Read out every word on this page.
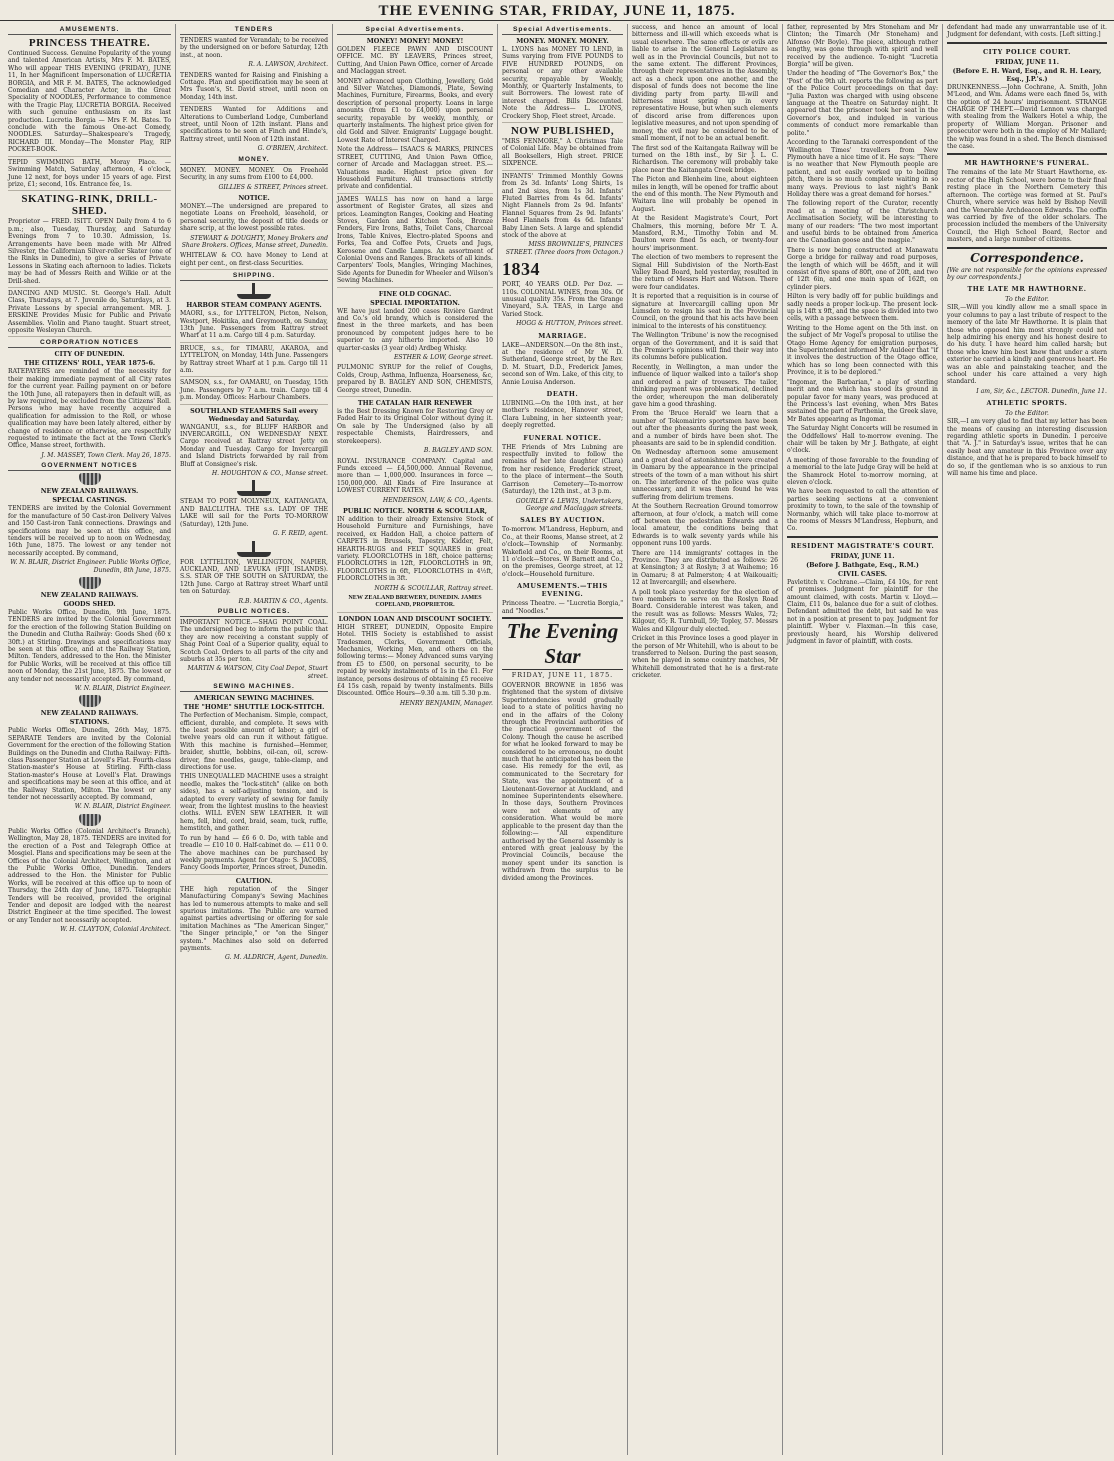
THE EVENING STAR, FRIDAY, JUNE 11, 1875.
AMUSEMENTS.
PRINCESS THEATRE.

Continued Success. Genuine Popularity of the young and talented American Artists, Mrs F. M. BATES, Who will appear THIS EVENING (FRIDAY), JUNE 11, In her Magnificent Impersonation of LUCRETIA BORGIA, and MR F. M. BATES, The acknowledged Comedian and Character Actor, in the Great Speciality of NOODLES, Performance to commence with the Tragic Play, LUCRETIA BORGIA. Received with such genuine enthusiasm on its last production. Lucretia Borgia — Mrs F. M. Bates. To conclude with the famous One-act Comedy, NOODLES. Saturday—Shakespeare's Tragedy, RICHARD III. Monday—The Monster Play, RIP POCKET-BOOK.

TEPID SWIMMING BATH, Moray Place. — Swimming Match, Saturday afternoon, 4 o'clock, June 12 next, for boys under 15 years of age. First prize, £1; second, 10s. Entrance fee, 1s.

SKATING-RINK, DRILL-SHED.

Proprietor — FRED. ISITT. OPEN Daily from 4 to 6 p.m.; also, Tuesday, Thursday, and Saturday Evenings from 7 to 10.30. Admission, 1s. Arrangements have been made with Mr Alfred Silvester, the Californian Silver-roller Skater (one of the Rinks in Dunedin), to give a series of Private Lessons in Skating each afternoon to ladies. Tickets may be had of Messrs Reith and Wilkie or at the Drill-shed.

DANCING AND MUSIC. St. George's Hall. Adult Class, Thursdays, at 7. Juvenile do, Saturdays, at 3. Private Lessons by special arrangement. MR. J. ERSKINE Provides Music for Public and Private Assemblies. Violin and Piano taught. Stuart street, opposite Wesleyan Church.

CORPORATION NOTICES
CITY OF DUNEDIN.
THE CITIZENS' ROLL, YEAR 1875-6.

RATEPAYERS are reminded of the necessity for their making immediate payment of all City rates for the current year. Failing payment on or before the 10th June, all ratepayers then in default will, as by law required, be excluded from the Citizens' Roll. Persons who may have recently acquired a qualification for admission to the Roll, or whose qualification may have been lately altered, either by change of residence or otherwise, are respectfully requested to intimate the fact at the Town Clerk's Office, Manse street, forthwith.

J. M. MASSEY, Town Clerk. May 26, 1875.

GOVERNMENT NOTICES
NEW ZEALAND RAILWAYS.
SPECIAL CASTINGS.

TENDERS are invited by the Colonial Government for the manufacture of 50 Cast-iron Delivery Valves and 150 Cast-iron Tank connections. Drawings and specifications may be seen at this office, and tenders will be received up to noon on Wednesday, 16th June, 1875. The lowest or any tender not necessarily accepted. By command,

W. N. BLAIR, District Engineer. Public Works Office, Dunedin, 8th June, 1875.

NEW ZEALAND RAILWAYS.
GOODS SHED.

Public Works Office, Dunedin, 9th June, 1875. TENDERS are invited by the Colonial Government for the erection of the following Station Building on the Dunedin and Clutha Railway: Goods Shed (60 x 30ft.) at Stirling. Drawings and specifications may be seen at this office, and at the Railway Station, Milton. Tenders, addressed to the Hon. the Minister for Public Works, will be received at this office till noon of Monday, the 21st June, 1875. The lowest or any tender not necessarily accepted. By command,

W. N. BLAIR, District Engineer.

NEW ZEALAND RAILWAYS.
STATIONS.

Public Works Office, Dunedin, 26th May, 1875. SEPARATE Tenders are invited by the Colonial Government for the erection of the following Station Buildings on the Dunedin and Clutha Railway: Fifth-class Passenger Station at Lovell's Flat. Fourth-class Station-master's House at Stirling. Fifth-class Station-master's House at Lovell's Flat. Drawings and specifications may be seen at this office, and at the Railway Station, Milton. The lowest or any tender not necessarily accepted. By command,

W. N. BLAIR, District Engineer.

Public Works Office (Colonial Architect's Branch), Wellington, May 28, 1875. TENDERS are invited for the erection of a Post and Telegraph Office at Mosgiel. Plans and specifications may be seen at the Offices of the Colonial Architect, Wellington, and at the Public Works Office, Dunedin. Tenders addressed to the Hon. the Minister for Public Works, will be received at this office up to noon of Thursday, the 24th day of June, 1875. Telegraphic Tenders will be received, provided the original Tender and deposit are lodged with the nearest District Engineer at the time specified. The lowest or any Tender not necessarily accepted.

W. H. CLAYTON, Colonial Architect.

TENDERS

TENDERS wanted for Verandah; to be received by the undersigned on or before Saturday, 12th inst., at noon.

R. A. LAWSON, Architect.

TENDERS wanted for Raising and Finishing a Cottage. Plan and specification may be seen at Mrs Tuson's, St. David street, until noon on Monday, 14th inst.

TENDERS Wanted for Additions and Alterations to Cumberland Lodge, Cumberland street, until Noon of 12th instant. Plans and specifications to be seen at Finch and Hinde's, Rattray street, until Noon of 12th instant.

G. O'BRIEN, Architect.

MONEY.

MONEY. MONEY. MONEY. On Freehold Security, in any sums from £100 to £4,000.

GILLIES & STREET, Princes street.

NOTICE.

MONEY.—The undersigned are prepared to negotiate Loans on Freehold, leasehold, or personal security, the deposit of title deeds or share scrip, at the lowest possible rates.

STEWART & DOUGHTY, Money Brokers and Share Brokers. Offices, Manse street, Dunedin.

WHITELAW & CO. have Money to Lend at eight per cent., on first-class Securities.

SHIPPING.
HARBOR STEAM COMPANY AGENTS.

MAORI, s.s., for LYTTELTON, Picton, Nelson, Westport, Hokitika, and Greymouth, on Sunday, 13th June. Passengers from Rattray street Wharf at 11 a.m. Cargo till 4 p.m. Saturday.

BRUCE, s.s., for TIMARU, AKAROA, and LYTTELTON, on Monday, 14th June. Passengers by Rattray street Wharf at 1 p.m. Cargo till 11 a.m.

SAMSON, s.s., for OAMARU, on Tuesday, 15th June. Passengers by 7 a.m. train. Cargo till 4 p.m. Monday. Offices: Harbour Chambers.

SOUTHLAND STEAMERS Sail every Wednesday and Saturday.

WANGANUI, s.s., for BLUFF HARBOR and INVERCARGILL, ON WEDNESDAY NEXT. Cargo received at Rattray street Jetty on Monday and Tuesday. Cargo for Invercargill and Island Districts forwarded by rail from Bluff at Consignee's risk.

H. HOUGHTON & CO., Manse street.

STEAM TO PORT MOLYNEUX, KAITANGATA, AND BALCLUTHA. THE s.s. LADY OF THE LAKE will sail for the Ports TO-MORROW (Saturday), 12th June.

G. F. REID, agent.

FOR LYTTELTON, WELLINGTON, NAPIER, AUCKLAND, AND LEVUKA (FIJI ISLANDS). S.S. STAR OF THE SOUTH on SATURDAY, the 12th June. Cargo at Rattray street Wharf until ten on Saturday.

R.B. MARTIN & CO., Agents.

PUBLIC NOTICES.

IMPORTANT NOTICE.—SHAG POINT COAL. The undersigned beg to inform the public that they are now receiving a constant supply of Shag Point Coal of a Superior quality, equal to Scotch Coal. Orders to all parts of the city and suburbs at 35s per ton.

MARTIN & WATSON, City Coal Depot, Stuart street.

SEWING MACHINES.
AMERICAN SEWING MACHINES.
THE "HOME" SHUTTLE LOCK-STITCH.

The Perfection of Mechanism. Simple, compact, efficient, durable, and complete. It sews with the least possible amount of labor; a girl of twelve years old can run it without fatigue. With this machine is furnished—Hemmer, braider, shuttle, bobbins, oil-can, oil, screw-driver, fine needles, gauge, table-clamp, and directions for use.

THIS UNEQUALLED MACHINE uses a straight needle, makes the "lock-stitch" (alike on both sides), has a self-adjusting tension, and is adapted to every variety of sewing for family wear, from the lightest muslins to the heaviest cloths. WILL EVEN SEW LEATHER. It will hem, fell, bind, cord, braid, seam, tuck, ruffle, hemstitch, and gather.

To run by hand — £6 6 0. Do, with table and treadle — £10 10 0. Half-cabinet do. — £11 0 0. The above machines can be purchased by weekly payments. Agent for Otago: S. JACOBS, Fancy Goods Importer, Princes street, Dunedin.

CAUTION.

THE high reputation of the Singer Manufacturing Company's Sewing Machines has led to numerous attempts to make and sell spurious imitations. The Public are warned against parties advertising or offering for sale imitation Machines as "The American Singer," "the Singer principle," or "on the Singer system." Machines also sold on deferred payments.

G. M. ALDRICH, Agent, Dunedin.

Special Advertisements.
MONEY! MONEY! MONEY!

GOLDEN FLEECE PAWN AND DISCOUNT OFFICE. MC. BY LEAVERS, Princes street, Cutting, And Union Pawn Office, corner of Arcade and Maclaggan street.

MONEY advanced upon Clothing, Jewellery, Gold and Silver Watches, Diamonds, Plate, Sewing Machines, Furniture, Firearms, Books, and every description of personal property. Loans in large amounts (from £1 to £4,000) upon personal security, repayable by weekly, monthly, or quarterly instalments. The highest price given for old Gold and Silver. Emigrants' Luggage bought. Lowest Rate of Interest Charged.

Note the Address— ISAACS & MARKS, PRINCES STREET, CUTTING, And Union Pawn Office, corner of Arcade and Maclaggan street. P.S.—Valuations made. Highest price given for Household Furniture. All transactions strictly private and confidential.

JAMES WALLS has now on hand a large assortment of Register Grates, all sizes and prices. Leamington Ranges, Cooking and Heating Stoves, Garden and Kitchen Tools, Bronze Fenders, Fire Irons, Baths, Toilet Cans, Charcoal Irons, Table Knives, Electro-plated Spoons and Forks, Tea and Coffee Pots, Cruets and Jugs, Kerosene and Candle Lamps. An assortment of Colonial Ovens and Ranges. Brackets of all kinds. Carpenters' Tools, Mangles, Wringing Machines, Side Agents for Dunedin for Wheeler and Wilson's Sewing Machines.

FINE OLD COGNAC.
SPECIAL IMPORTATION.

WE have just landed 200 cases Rivière Gardrat and Co.'s old brandy, which is considered the finest in the three markets, and has been pronounced by competent judges here to be superior to any hitherto imported. Also 10 quarter-casks (3 year old) Ardbeg Whisky.

ESTHER & LOW, George street.

PULMONIC SYRUP for the relief of Coughs, Colds, Croup, Asthma, Influenza, Hoarseness, &c, prepared by B. BAGLEY AND SON, CHEMISTS, George street, Dunedin.

THE CATALAN HAIR RENEWER

is the Best Dressing Known for Restoring Grey or Faded Hair to its Original Color without dying it. On sale by The Undersigned (also by all respectable Chemists, Hairdressers, and storekeepers).

B. BAGLEY AND SON.

ROYAL INSURANCE COMPANY. Capital and Funds exceed — £4,500,000. Annual Revenue, more than — 1,000,000. Insurances in force — 150,000,000. All Kinds of Fire Insurance at LOWEST CURRENT RATES.

HENDERSON, LAW, & CO., Agents.

PUBLIC NOTICE. NORTH & SCOULLAR,

IN addition to their already Extensive Stock of Household Furniture and Furnishings, have received, ex Haddon Hall, a choice pattern of CARPETS in Brussels, Tapestry, Kidder, Felt, HEARTH-RUGS and FELT SQUARES in great variety. FLOORCLOTHS in 18ft, choice patterns; FLOORCLOTHS in 12ft, FLOORCLOTHS in 9ft, FLOORCLOTHS in 6ft, FLOORCLOTHS in 4½ft, FLOORCLOTHS in 3ft.

NORTH & SCOULLAR, Rattray street.

NEW ZEALAND BREWERY, DUNEDIN. JAMES COPELAND, PROPRIETOR.

LONDON LOAN AND DISCOUNT SOCIETY.

HIGH STREET, DUNEDIN, Opposite Empire Hotel. THIS Society is established to assist Tradesmen, Clerks, Government Officials, Mechanics, Working Men, and others on the following terms:— Money Advanced sums varying from £5 to £500, on personal security, to be repaid by weekly instalments of 1s in the £1. For instance, persons desirous of obtaining £5 receive £4 15s cash, repaid by twenty instalments. Bills Discounted. Office Hours—9.30 a.m. till 5.30 p.m.

HENRY BENJAMIN, Manager.

Special Advertisements.
MONEY. MONEY. MONEY.

L. LYONS has MONEY TO LEND, in Sums varying from FIVE POUNDS to FIVE HUNDRED POUNDS, on personal or any other available security, repayable by Weekly, Monthly, or Quarterly Instalments, to suit Borrowers. The lowest rate of interest charged. Bills Discounted. Note the Address— L. LYONS, Crockery Shop, Fleet street, Arcade.

NOW PUBLISHED,

"MRS FENMORE," A Christmas Tale of Colonial Life. May be obtained from all Booksellers, High street. PRICE SIXPENCE.

INFANTS' Trimmed Monthly Gowns from 2s 3d. Infants' Long Shirts, 1s and 2nd sizes, from 1s 3d. Infants' Fluted Barries from 4s 6d. Infants' Night Flannels from 2s 9d. Infants' Flannel Squares from 2s 9d. Infants' Head Flannels from 4s 6d. Infants' Baby Linen Sets. A large and splendid stock of the above at

MISS BROWNLIE'S, PRINCES STREET. (Three doors from Octagon.)

1834

PORT, 40 YEARS OLD. Per Doz. — 110s. COLONIAL WINES, from 30s. Of unusual quality 35s. From the Grange Vineyard, S.A. TEAS, in Large and Varied Stock.

HOGG & HUTTON, Princes street.

MARRIAGE.

LAKE—ANDERSON.—On the 8th inst., at the residence of Mr W. D. Sutherland, George street, by the Rev. D. M. Stuart, D.D., Frederick James, second son of Wm. Lake, of this city, to Annie Louisa Anderson.

DEATH.

LUBNING.—On the 10th inst., at her mother's residence, Hanover street, Clara Lubning, in her sixteenth year; deeply regretted.

FUNERAL NOTICE.

THE Friends of Mrs Lubning are respectfully invited to follow the remains of her late daughter (Clara) from her residence, Frederick street, to the place of interment—the South Garrison Cemetery—To-morrow (Saturday), the 12th inst., at 3 p.m.

GOURLEY & LEWIS, Undertakers, George and Maclaggan streets.

SALES BY AUCTION.

To-morrow. M'Landress, Hepburn, and Co., at their Rooms, Manse street, at 2 o'clock—Township of Normanby. Wakefield and Co., on their Rooms, at 11 o'clock—Stores. W Barnett and Co., on the premises, George street, at 12 o'clock—Household furniture.

AMUSEMENTS.—THIS EVENING.

Princess Theatre. — "Lucretia Borgia," and "Noodles."

The Evening Star
FRIDAY, JUNE 11, 1875.

GOVERNOR BROWNE in 1856 was frightened that the system of divisive Superintendencies would gradually lead to a state of politics having no end in the affairs of the Colony through the Provincial authorities of the practical government of the Colony. Though the cause he ascribed for what he looked forward to may be considered to be erroneous, no doubt much that he anticipated has been the case. His remedy for the evil, as communicated to the Secretary for State, was the appointment of a Lieutenant-Governor at Auckland, and nominee Superintendents elsewhere. In those days, Southern Provinces were not elements of any consideration. What would be more applicable to the present day than the following:— "All expenditure authorised by the General Assembly is entered with great jealousy by the Provincial Councils, because the money spent under its sanction is withdrawn from the surplus to be divided among the Provinces.

success, and hence an amount of local bitterness and ill-will which exceeds what is usual elsewhere. The same effects or evils are liable to arise in the General Legislature as well as in the Provincial Councils, but not to the same extent. The different Provinces, through their representatives in the Assembly, act as a check upon one another, and the disposal of funds does not become the line dividing party from party. Ill-will and bitterness must spring up in every representative House, but when such elements of discord arise from differences upon legislative measures, and not upon spending of money, the evil may be considered to be of small moment, if not to be an actual benefit.

The first sod of the Kaitangata Railway will be turned on the 18th inst., by Sir J. L. C. Richardson. The ceremony will probably take place near the Kaitangata Creek bridge.

The Picton and Blenheim line, about eighteen miles in length, will be opened for traffic about the end of this month. The New Plymouth and Waitara line will probably be opened in August.

At the Resident Magistrate's Court, Port Chalmers, this morning, before Mr T. A. Mansford, R.M., Timothy Tobin and M. Daulton were fined 5s each, or twenty-four hours' imprisonment.

The election of two members to represent the Signal Hill Subdivision of the North-East Valley Road Board, held yesterday, resulted in the return of Messrs Hart and Watson. There were four candidates.

It is reported that a requisition is in course of signature at Invercargill calling upon Mr Lumsden to resign his seat in the Provincial Council, on the ground that his acts have been inimical to the interests of his constituency.

The Wellington 'Tribune' is now the recognised organ of the Government, and it is said that the Premier's opinions will find their way into its columns before publication.

Recently, in Wellington, a man under the influence of liquor walked into a tailor's shop and ordered a pair of trousers. The tailor, thinking payment was problematical, declined the order, whereupon the man deliberately gave him a good thrashing.

From the 'Bruce Herald' we learn that a number of Tokomairiro sportsmen have been out after the pheasants during the past week, and a number of birds have been shot. The pheasants are said to be in splendid condition.

On Wednesday afternoon some amusement and a great deal of astonishment were created in Oamaru by the appearance in the principal streets of the town of a man without his shirt on. The interference of the police was quite unnecessary, and it was then found he was suffering from delirium tremens.

At the Southern Recreation Ground tomorrow afternoon, at four o'clock, a match will come off between the pedestrian Edwards and a local amateur, the conditions being that Edwards is to walk seventy yards while his opponent runs 100 yards.

There are 114 immigrants' cottages in the Province. They are distributed as follows: 26 at Kensington; 3 at Roslyn; 3 at Waihemo; 16 in Oamaru; 8 at Palmerston; 4 at Waikouaiti; 12 at Invercargill; and elsewhere.

A poll took place yesterday for the election of two members to serve on the Roslyn Road Board. Considerable interest was taken, and the result was as follows: Messrs Wales, 72; Kilgour, 65; R. Turnbull, 59; Topley, 57. Messrs Wales and Kilgour duly elected.

Cricket in this Province loses a good player in the person of Mr Whitehill, who is about to be transferred to Nelson. During the past season, when he played in some country matches, Mr Whitehill demonstrated that he is a first-rate cricketer.

father, represented by Mrs Stoneham and Mr Clinton; the Timarch (Mr Stoneham) and Alfonso (Mr Boyle). The piece, although rather lengthy, was gone through with spirit and well received by the audience. To-night "Lucretia Borgia" will be given.

Under the heading of "The Governor's Box," the 'Post' of the 9th ult. reports the following as part of the Police Court proceedings on that day: "Julia Paxton was charged with using obscene language at the Theatre on Saturday night. It appeared that the prisoner took her seat in the Governor's box, and indulged in various comments of conduct more remarkable than polite."

According to the Taranaki correspondent of the 'Wellington Times' travellers from New Plymouth have a nice time of it. He says: "There is no weather that New Plymouth people are patient, and not easily worked up to boiling pitch, there is so much complete waiting in so many ways. Previous to last night's Bank Holiday there was a great demand for horses."

The following report of the Curator, recently read at a meeting of the Christchurch Acclimatisation Society, will be interesting to many of our readers: "The two most important and useful birds to be obtained from America are the Canadian goose and the magpie."

There is now being constructed at Manawatu Gorge a bridge for railway and road purposes, the length of which will be 465ft, and it will consist of five spans of 80ft, one of 20ft, and two of 12ft 6in, and one main span of 162ft, on cylinder piers.

Hilton is very badly off for public buildings and sadly needs a proper lock-up. The present lock-up is 14ft x 9ft, and the space is divided into two cells, with a passage between them.

Writing to the Home agent on the 5th inst. on the subject of Mr Vogel's proposal to utilise the Otago Home Agency for emigration purposes, the Superintendent informed Mr Auldeer that "if it involves the destruction of the Otago office, which has so long been connected with this Province, it is to be deplored."

"Ingomar, the Barbarian," a play of sterling merit and one which has stood its ground in popular favor for many years, was produced at the Princess's last evening, when Mrs Bates sustained the part of Parthenia, the Greek slave, Mr Bates appearing as Ingomar.

The Saturday Night Concerts will be resumed in the Oddfellows' Hall to-morrow evening. The chair will be taken by Mr J. Bathgate, at eight o'clock.

A meeting of those favorable to the founding of a memorial to the late Judge Gray will be held at the Shamrock Hotel to-morrow morning, at eleven o'clock.

We have been requested to call the attention of parties seeking sections at a convenient proximity to town, to the sale of the township of Normanby, which will take place to-morrow at the rooms of Messrs M'Landress, Hepburn, and Co.

RESIDENT MAGISTRATE'S COURT.
FRIDAY, JUNE 11.
(Before J. Bathgate, Esq., R.M.)
CIVIL CASES.

Pavletitch v. Cochrane.—Claim, £4 10s, for rent of premises. Judgment for plaintiff for the amount claimed, with costs. Martin v. Lloyd.—Claim, £11 0s, balance due for a suit of clothes. Defendant admitted the debt, but said he was not in a position at present to pay. Judgment for plaintiff. Wyber v. Flaxman.—In this case, previously heard, his Worship delivered judgment in favor of plaintiff, with costs.

defendant had made any unwarrantable use of it. Judgment for defendant, with costs. [Left sitting.]

CITY POLICE COURT.
FRIDAY, JUNE 11.
(Before E. H. Ward, Esq., and R. H. Leary, Esq., J.P.'s.)

DRUNKENNESS.—John Cochrane, A. Smith, John M'Leod, and Wm. Adams were each fined 5s, with the option of 24 hours' imprisonment. STRANGE CHARGE OF THEFT.—David Lennon was charged with stealing from the Walkers Hotel a whip, the property of William Morgan. Prisoner and prosecutor were both in the employ of Mr Mallard; the whip was found in a shed. The Bench dismissed the case.

MR HAWTHORNE'S FUNERAL.

The remains of the late Mr Stuart Hawthorne, ex-rector of the High School, were borne to their final resting place in the Northern Cemetery this afternoon. The cortège was formed at St. Paul's Church, where service was held by Bishop Nevill and the Venerable Archdeacon Edwards. The coffin was carried by five of the older scholars. The procession included the members of the University Council, the High School Board, Rector and masters, and a large number of citizens.

Correspondence.

[We are not responsible for the opinions expressed by our correspondents.]

THE LATE MR HAWTHORNE.
To the Editor.

SIR,—Will you kindly allow me a small space in your columns to pay a last tribute of respect to the memory of the late Mr Hawthorne. It is plain that those who opposed him most strongly could not help admiring his energy and his honest desire to do his duty. I have heard him called harsh; but those who knew him best knew that under a stern exterior he carried a kindly and generous heart. He was an able and painstaking teacher, and the school under his care attained a very high standard.

I am, Sir, &c., LECTOR. Dunedin, June 11.

ATHLETIC SPORTS.
To the Editor.

SIR,—I am very glad to find that my letter has been the means of causing an interesting discussion regarding athletic sports in Dunedin. I perceive that "A. J." in Saturday's issue, writes that he can easily beat any amateur in this Province over any distance, and that he is prepared to back himself to do so, if the gentleman who is so anxious to run will name his time and place.
